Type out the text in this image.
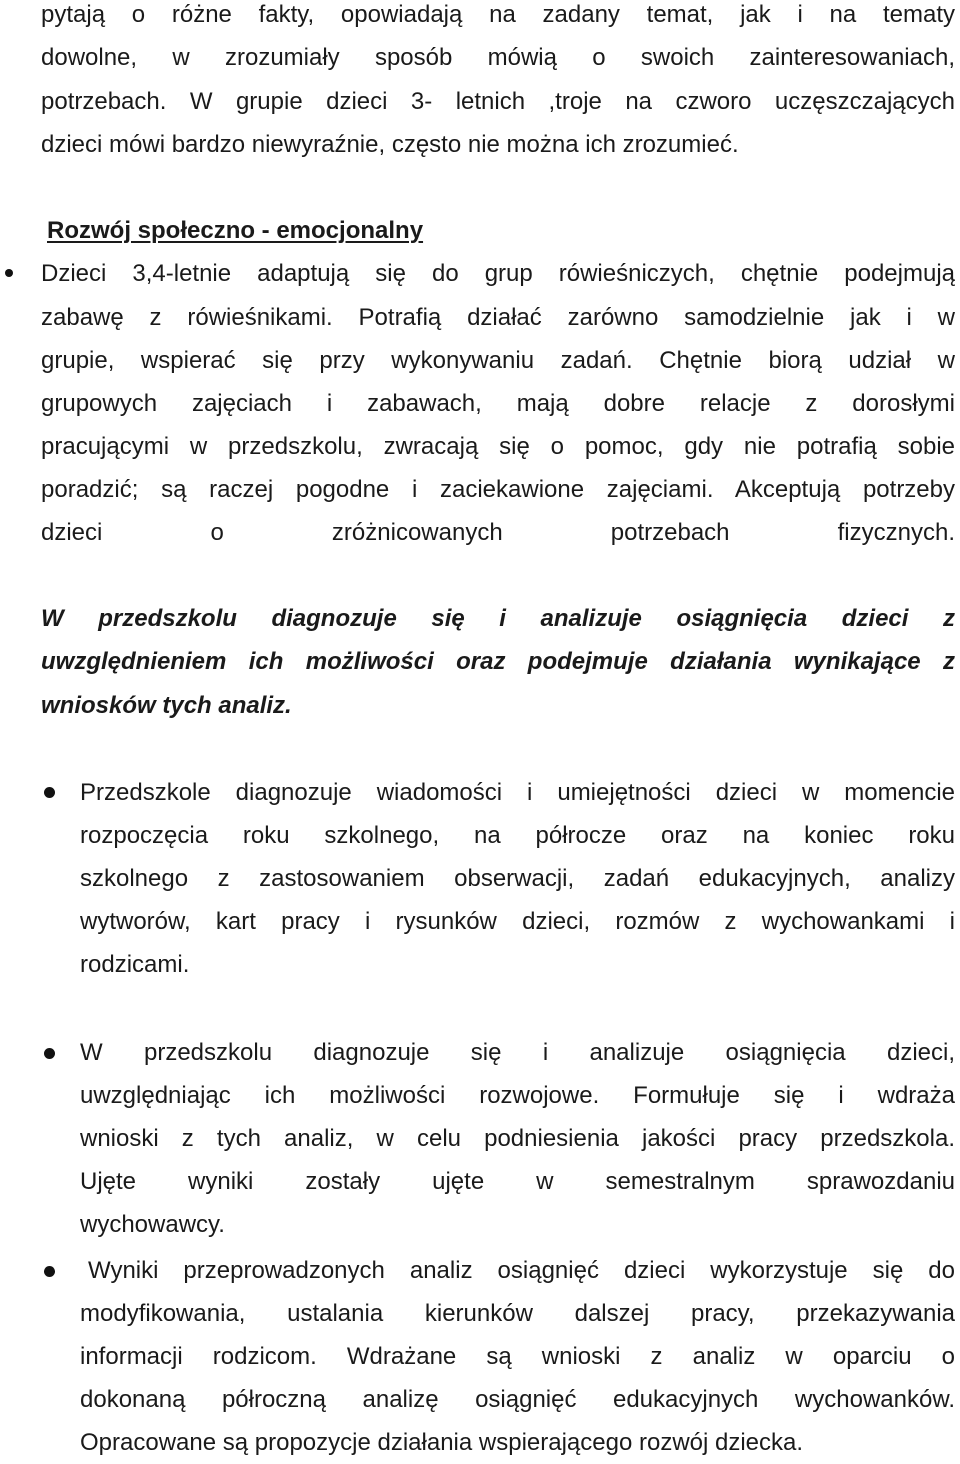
pytają o różne fakty, opowiadają na zadany temat, jak i na tematy
dowolne, w zrozumiały sposób mówią o swoich zainteresowaniach,
potrzebach. W grupie dzieci 3- letnich ,troje na czworo uczęszczających
dzieci mówi bardzo niewyraźnie, często nie można ich zrozumieć.
Rozwój społeczno - emocjonalny
Dzieci 3,4-letnie adaptują się do grup rówieśniczych, chętnie podejmują
zabawę z rówieśnikami. Potrafią działać zarówno samodzielnie jak i w
grupie, wspierać się przy wykonywaniu zadań. Chętnie biorą udział w
grupowych zajęciach i zabawach, mają dobre relacje z dorosłymi
pracującymi w przedszkolu, zwracają się o pomoc, gdy nie potrafią sobie
poradzić; są raczej pogodne i zaciekawione zajęciami. Akceptują potrzeby
dzieci o zróżnicowanych potrzebach fizycznych.
W przedszkolu diagnozuje się i analizuje osiągnięcia dzieci z
uwzględnieniem ich możliwości oraz podejmuje działania wynikające z
wniosków tych analiz.
Przedszkole diagnozuje wiadomości i umiejętności dzieci w momencie
rozpoczęcia roku szkolnego, na półrocze oraz na koniec roku
szkolnego z zastosowaniem obserwacji, zadań edukacyjnych, analizy
wytworów, kart pracy i rysunków dzieci, rozmów z wychowankami i
rodzicami.
W przedszkolu diagnozuje się i analizuje osiągnięcia dzieci,
uwzględniając ich możliwości rozwojowe. Formułuje się i wdraża
wnioski z tych analiz, w celu podniesienia jakości pracy przedszkola.
Ujęte wyniki zostały ujęte w semestralnym sprawozdaniu
wychowawcy.
Wyniki przeprowadzonych analiz osiągnięć dzieci wykorzystuje się do
modyfikowania, ustalania kierunków dalszej pracy, przekazywania
informacji rodzicom. Wdrażane są wnioski z analiz w oparciu o
dokonaną półroczną analizę osiągnięć edukacyjnych wychowanków.
Opracowane są propozycje działania wspierającego rozwój dziecka.
